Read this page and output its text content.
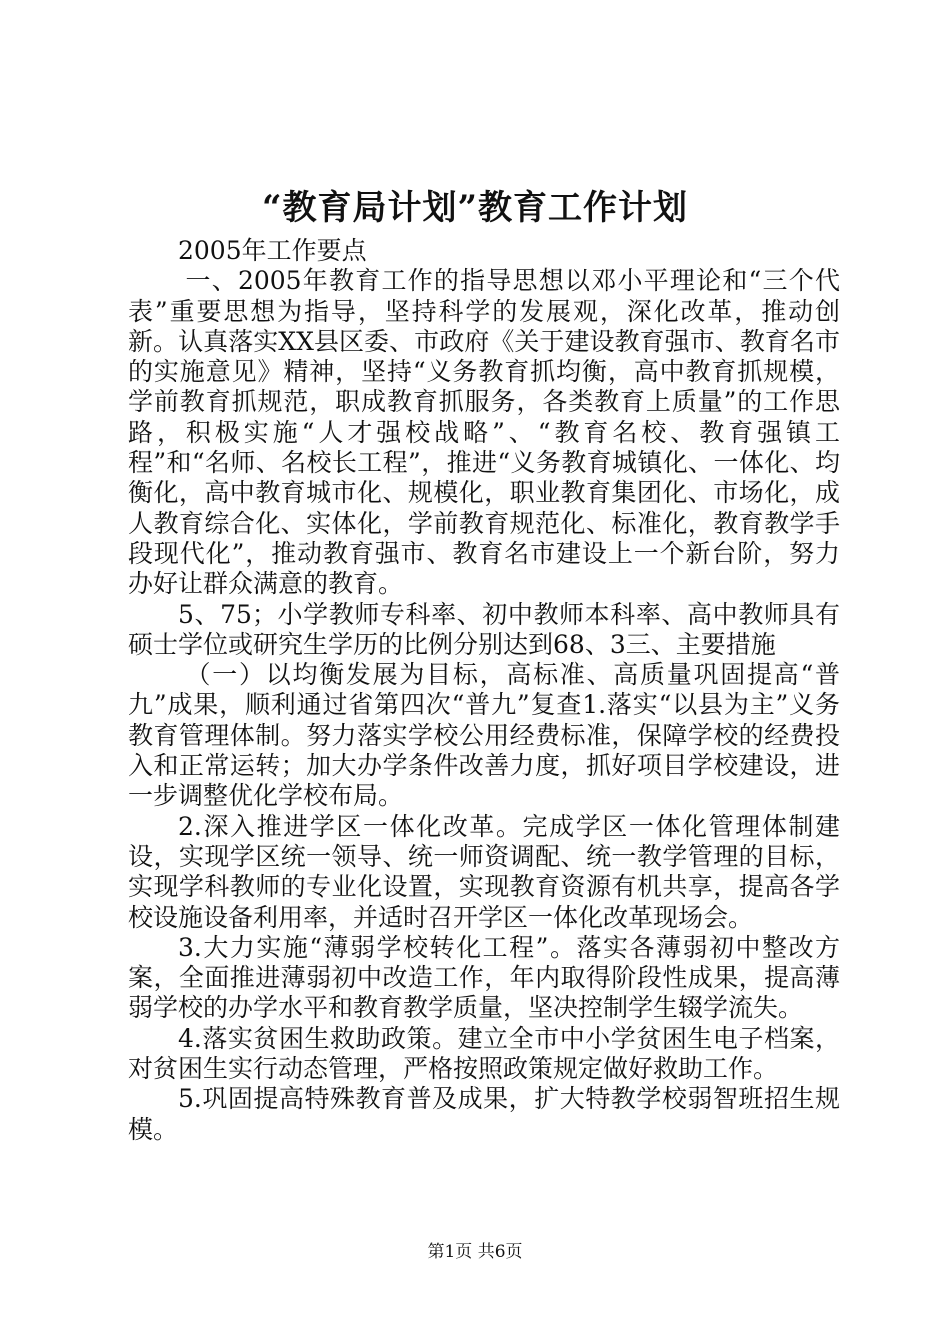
“教育局计划”教育工作计划

2005年工作要点

一、2005年教育工作的指导思想以邓小平理论和“三个代表”重要思想为指导，坚持科学的发展观，深化改革，推动创新。认真落实XX县区委、市政府《关于建设教育强市、教育名市的实施意见》精神，坚持“义务教育抓均衡，高中教育抓规模，学前教育抓规范，职成教育抓服务，各类教育上质量”的工作思路，积极实施“人才强校战略”、“教育名校、教育强镇工程”和“名师、名校长工程”，推进“义务教育城镇化、一体化、均衡化，高中教育城市化、规模化，职业教育集团化、市场化，成人教育综合化、实体化，学前教育规范化、标准化，教育教学手段现代化”，推动教育强市、教育名市建设上一个新台阶，努力办好让群众满意的教育。

5、75；小学教师专科率、初中教师本科率、高中教师具有硕士学位或研究生学历的比例分别达到68、3三、主要措施

（一）以均衡发展为目标，高标准、高质量巩固提高“普九”成果，顺利通过省第四次“普九”复查1.落实“以县为主”义务教育管理体制。努力落实学校公用经费标准，保障学校的经费投入和正常运转；加大办学条件改善力度，抓好项目学校建设，进一步调整优化学校布局。

2.深入推进学区一体化改革。完成学区一体化管理体制建设，实现学区统一领导、统一师资调配、统一教学管理的目标，实现学科教师的专业化设置，实现教育资源有机共享，提高各学校设施设备利用率，并适时召开学区一体化改革现场会。

3.大力实施“薄弱学校转化工程”。落实各薄弱初中整改方案，全面推进薄弱初中改造工作，年内取得阶段性成果，提高薄弱学校的办学水平和教育教学质量，坚决控制学生辍学流失。

4.落实贫困生救助政策。建立全市中小学贫困生电子档案，对贫困生实行动态管理，严格按照政策规定做好救助工作。

5.巩固提高特殊教育普及成果，扩大特教学校弱智班招生规模。

第1页 共6页
